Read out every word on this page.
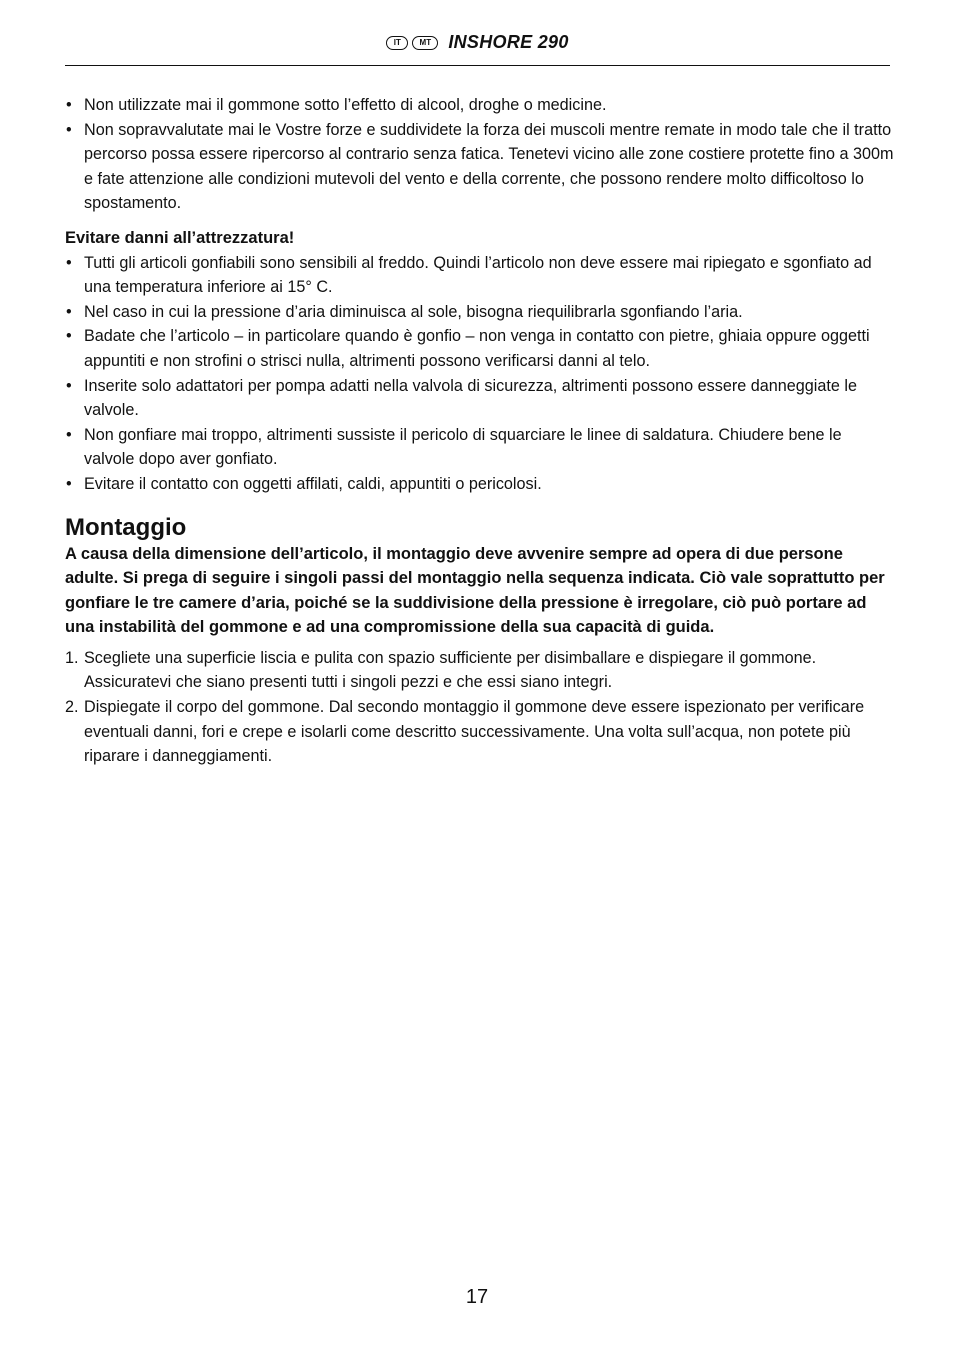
IT	MT INSHORE 290
• Non utilizzate mai il gommone sotto l’effetto di alcool, droghe o medicine.
• Non sopravvalutate mai le Vostre forze e suddividete la forza dei muscoli mentre remate in modo tale che il tratto percorso possa essere ripercorso al contrario senza fatica. Tenetevi vicino alle zone costiere protette fino a 300m e fate attenzione alle condizioni mutevoli del vento e della corrente, che possono rendere molto difficoltoso lo spostamento.
Evitare danni all’attrezzatura!
• Tutti gli articoli gonfiabili sono sensibili al freddo. Quindi l’articolo non deve essere mai ripiegato e sgonfiato ad una temperatura inferiore ai 15° C.
• Nel caso in cui la pressione d’aria diminuisca al sole, bisogna riequilibrarla sgonfiando l’aria.
• Badate che l’articolo – in particolare quando è gonfio – non venga in contatto con pietre, ghiaia oppure oggetti appuntiti e non strofini o strisci nulla, altrimenti possono verificarsi danni al telo.
• Inserite solo adattatori per pompa adatti nella valvola di sicurezza, altrimenti possono essere danneggiate le valvole.
• Non gonfiare mai troppo, altrimenti sussiste il pericolo di squarciare le linee di saldatura. Chiudere bene le valvole dopo aver gonfiato.
• Evitare il contatto con oggetti affilati, caldi, appuntiti o pericolosi.
Montaggio

A causa della dimensione dell’articolo, il montaggio deve avvenire sempre ad opera di due persone adulte. Si prega di seguire i singoli passi del montaggio nella sequenza indicata. Ciò vale soprattutto per gonfiare le tre camere d’aria, poiché se la suddivisione della pressione è irregolare, ciò può portare ad una instabilità del gommone e ad una compromissione della sua capacità di guida.

1. Scegliete una superficie liscia e pulita con spazio sufficiente per disimballare e dispiegare il gommone. Assicuratevi che siano presenti tutti i singoli pezzi e che essi siano integri.
2. Dispiegate il corpo del gommone. Dal secondo montaggio il gommone deve essere ispezionato per verificare eventuali danni, fori e crepe e isolarli come descritto successivamente. Una volta sull’acqua, non potete più riparare i danneggiamenti.
17
